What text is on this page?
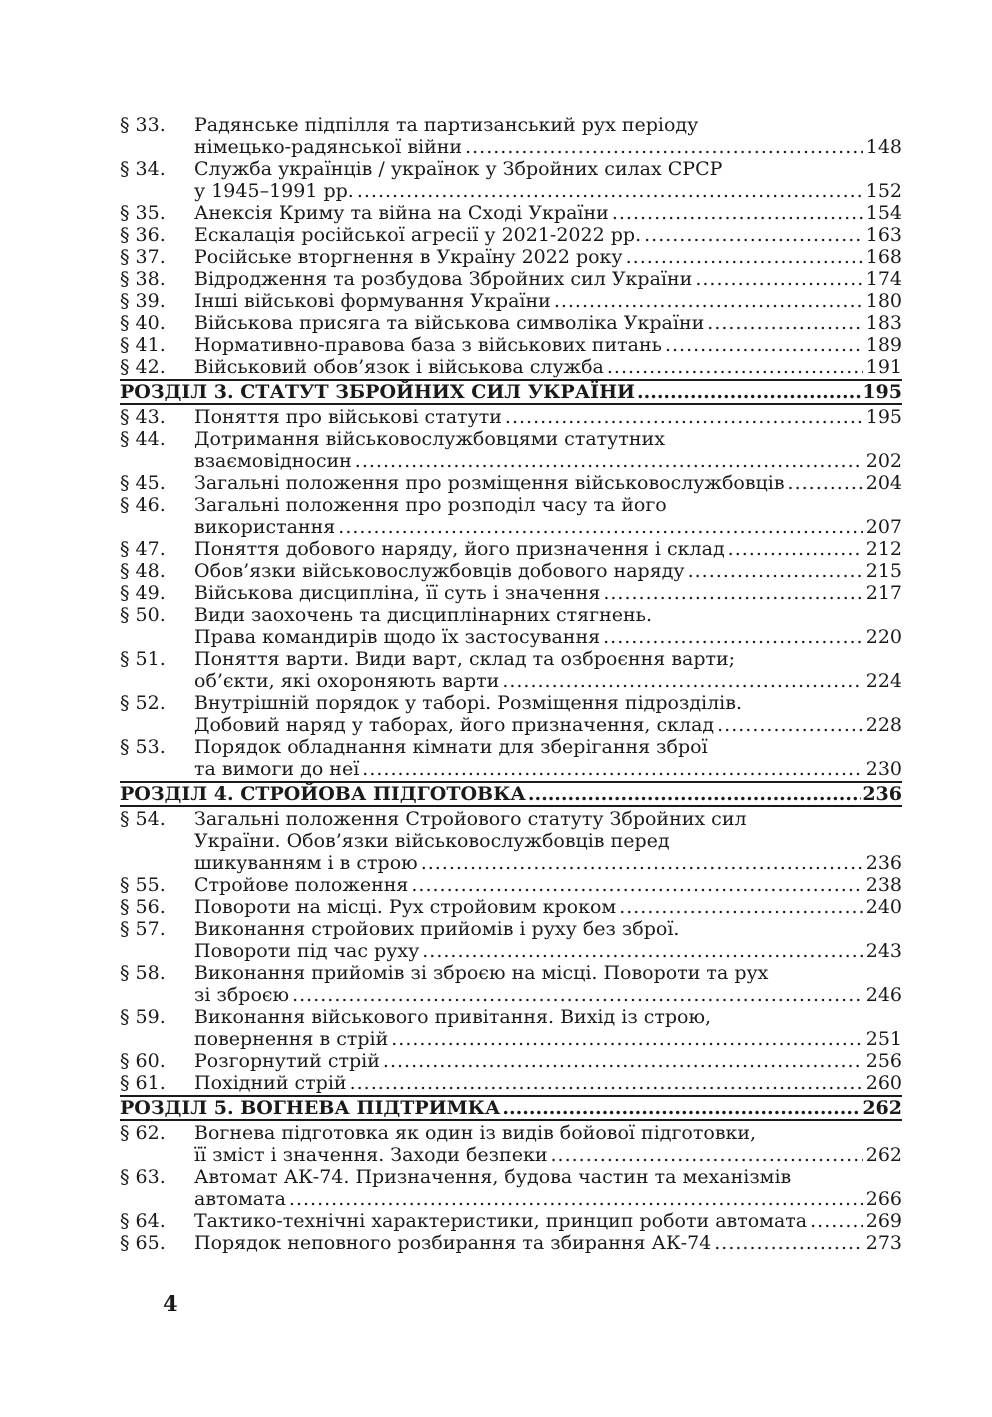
§ 33.	Радянське підпілля та партизанський рух періоду
німецько-радянської війни .....	148
§ 34.	Служба українців / українок у Збройних силах СРСР
у 1945–1991 рр. .....	152
§ 35.	Анексія Криму та війна на Сході України .....	154
§ 36.	Ескалація російської агресії у 2021-2022 рр. .....	163
§ 37.	Російське вторгнення в Україну 2022 року .....	168
§ 38.	Відродження та розбудова Збройних сил України .....	174
§ 39.	Інші військові формування України .....	180
§ 40.	Військова присяга та військова символіка України .....	183
§ 41.	Нормативно-правова база з військових питань .....	189
§ 42.	Військовий обов’язок і військова служба .....	191
РОЗДІЛ 3. СТАТУТ ЗБРОЙНИХ СИЛ УКРАЇНИ .....	195
§ 43.	Поняття про військові статути .....	195
§ 44.	Дотримання військовослужбовцями статутних
взаємовідносин .....	202
§ 45.	Загальні положення про розміщення військовослужбовців .....	204
§ 46.	Загальні положення про розподіл часу та його
використання .....	207
§ 47.	Поняття добового наряду, його призначення і склад .....	212
§ 48.	Обов’язки військовослужбовців добового наряду .....	215
§ 49.	Військова дисципліна, її суть і значення .....	217
§ 50.	Види заохочень та дисциплінарних стягнень.
Права командирів щодо їх застосування .....	220
§ 51.	Поняття варти. Види варт, склад та озброєння варти;
об’єкти, які охороняють варти .....	224
§ 52.	Внутрішній порядок у таборі. Розміщення підрозділів.
Добовий наряд у таборах, його призначення, склад .....	228
§ 53.	Порядок обладнання кімнати для зберігання зброї
та вимоги до неї .....	230
РОЗДІЛ 4. СТРОЙОВА ПІДГОТОВКА .....	236
§ 54.	Загальні положення Стройового статуту Збройних сил
України. Обов’язки військовослужбовців перед
шикуванням і в строю .....	236
§ 55.	Стройове положення .....	238
§ 56.	Повороти на місці. Рух стройовим кроком .....	240
§ 57.	Виконання стройових прийомів і руху без зброї.
Повороти під час руху .....	243
§ 58.	Виконання прийомів зі зброєю на місці. Повороти та рух
зі зброєю .....	246
§ 59.	Виконання військового привітання. Вихід із строю,
повернення в стрій .....	251
§ 60.	Розгорнутий стрій .....	256
§ 61.	Похідний стрій .....	260
РОЗДІЛ 5. ВОГНЕВА ПІДТРИМКА .....	262
§ 62.	Вогнева підготовка як один із видів бойової підготовки,
її зміст і значення. Заходи безпеки .....	262
§ 63.	Автомат АК-74. Призначення, будова частин та механізмів
автомата .....	266
§ 64.	Тактико-технічні характеристики, принцип роботи автомата .....	269
§ 65.	Порядок неповного розбирання та збирання АК-74 .....	273
4
